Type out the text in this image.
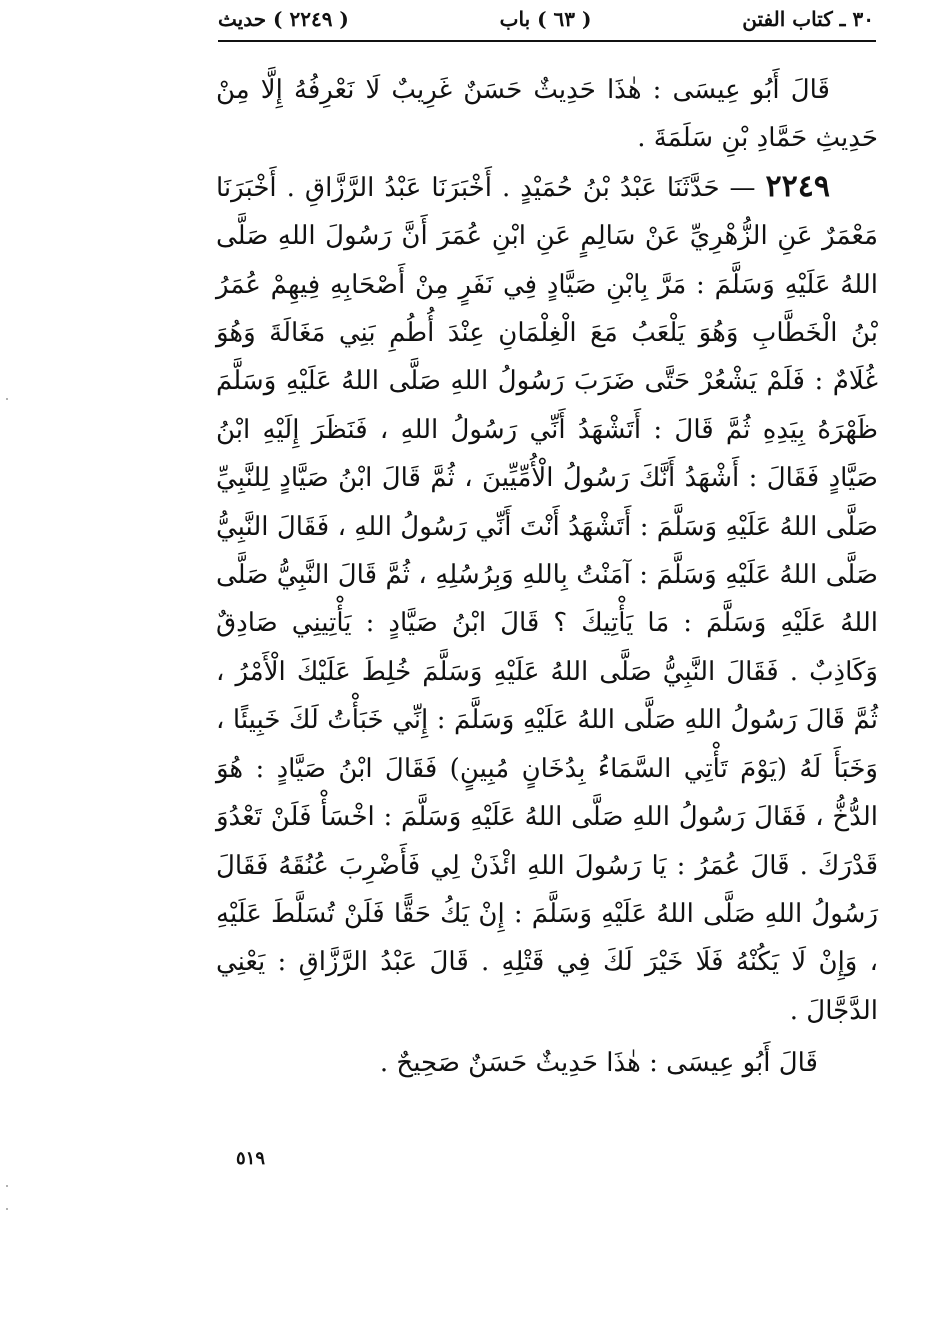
٣٠ ـ كتاب الفتن
( ٦٣ ) باب
( ٢٢٤٩ ) حديث

قَالَ أَبُو عِيسَى : هٰذَا حَدِيثٌ حَسَنٌ غَرِيبٌ لَا نَعْرِفُهُ إِلَّا مِنْ حَدِيثِ حَمَّادِ بْنِ سَلَمَةَ .

٢٢٤٩ — حَدَّثَنَا عَبْدُ بْنُ حُمَيْدٍ . أَخْبَرَنَا عَبْدُ الرَّزَّاقِ . أَخْبَرَنَا مَعْمَرٌ عَنِ الزُّهْرِيِّ عَنْ سَالِمٍ عَنِ ابْنِ عُمَرَ أَنَّ رَسُولَ اللهِ صَلَّى اللهُ عَلَيْهِ وَسَلَّمَ : مَرَّ بِابْنِ صَيَّادٍ فِي نَفَرٍ مِنْ أَصْحَابِهِ فِيهِمْ عُمَرُ بْنُ الْخَطَّابِ وَهُوَ يَلْعَبُ مَعَ الْغِلْمَانِ عِنْدَ أُطُمِ بَنِي مَغَالَةَ وَهُوَ غُلَامٌ : فَلَمْ يَشْعُرْ حَتَّى ضَرَبَ رَسُولُ اللهِ صَلَّى اللهُ عَلَيْهِ وَسَلَّمَ ظَهْرَهُ بِيَدِهِ ثُمَّ قَالَ : أَتَشْهَدُ أَنِّي رَسُولُ اللهِ ، فَنَظَرَ إِلَيْهِ ابْنُ صَيَّادٍ فَقَالَ : أَشْهَدُ أَنَّكَ رَسُولُ الْأُمِّيِّينَ ، ثُمَّ قَالَ ابْنُ صَيَّادٍ لِلنَّبِيِّ صَلَّى اللهُ عَلَيْهِ وَسَلَّمَ : أَتَشْهَدُ أَنْتَ أَنِّي رَسُولُ اللهِ ، فَقَالَ النَّبِيُّ صَلَّى اللهُ عَلَيْهِ وَسَلَّمَ : آمَنْتُ بِاللهِ وَبِرُسُلِهِ ، ثُمَّ قَالَ النَّبِيُّ صَلَّى اللهُ عَلَيْهِ وَسَلَّمَ : مَا يَأْتِيكَ ؟ قَالَ ابْنُ صَيَّادٍ : يَأْتِينِي صَادِقٌ وَكَاذِبٌ . فَقَالَ النَّبِيُّ صَلَّى اللهُ عَلَيْهِ وَسَلَّمَ خُلِطَ عَلَيْكَ الْأَمْرُ ، ثُمَّ قَالَ رَسُولُ اللهِ صَلَّى اللهُ عَلَيْهِ وَسَلَّمَ : إِنِّي خَبَأْتُ لَكَ خَبِيئًا ، وَخَبَأَ لَهُ (يَوْمَ تَأْتِي السَّمَاءُ بِدُخَانٍ مُبِينٍ) فَقَالَ ابْنُ صَيَّادٍ : هُوَ الدُّخُّ ، فَقَالَ رَسُولُ اللهِ صَلَّى اللهُ عَلَيْهِ وَسَلَّمَ : اخْسَأْ فَلَنْ تَعْدُوَ قَدْرَكَ . قَالَ عُمَرُ : يَا رَسُولَ اللهِ ائْذَنْ لِي فَأَضْرِبَ عُنُقَهُ فَقَالَ رَسُولُ اللهِ صَلَّى اللهُ عَلَيْهِ وَسَلَّمَ : إِنْ يَكُ حَقًّا فَلَنْ تُسَلَّطَ عَلَيْهِ ، وَإِنْ لَا يَكُنْهُ فَلَا خَيْرَ لَكَ فِي قَتْلِهِ . قَالَ عَبْدُ الرَّزَّاقِ : يَعْنِي الدَّجَّالَ .

قَالَ أَبُو عِيسَى : هٰذَا حَدِيثٌ حَسَنٌ صَحِيحٌ .

٥١٩
